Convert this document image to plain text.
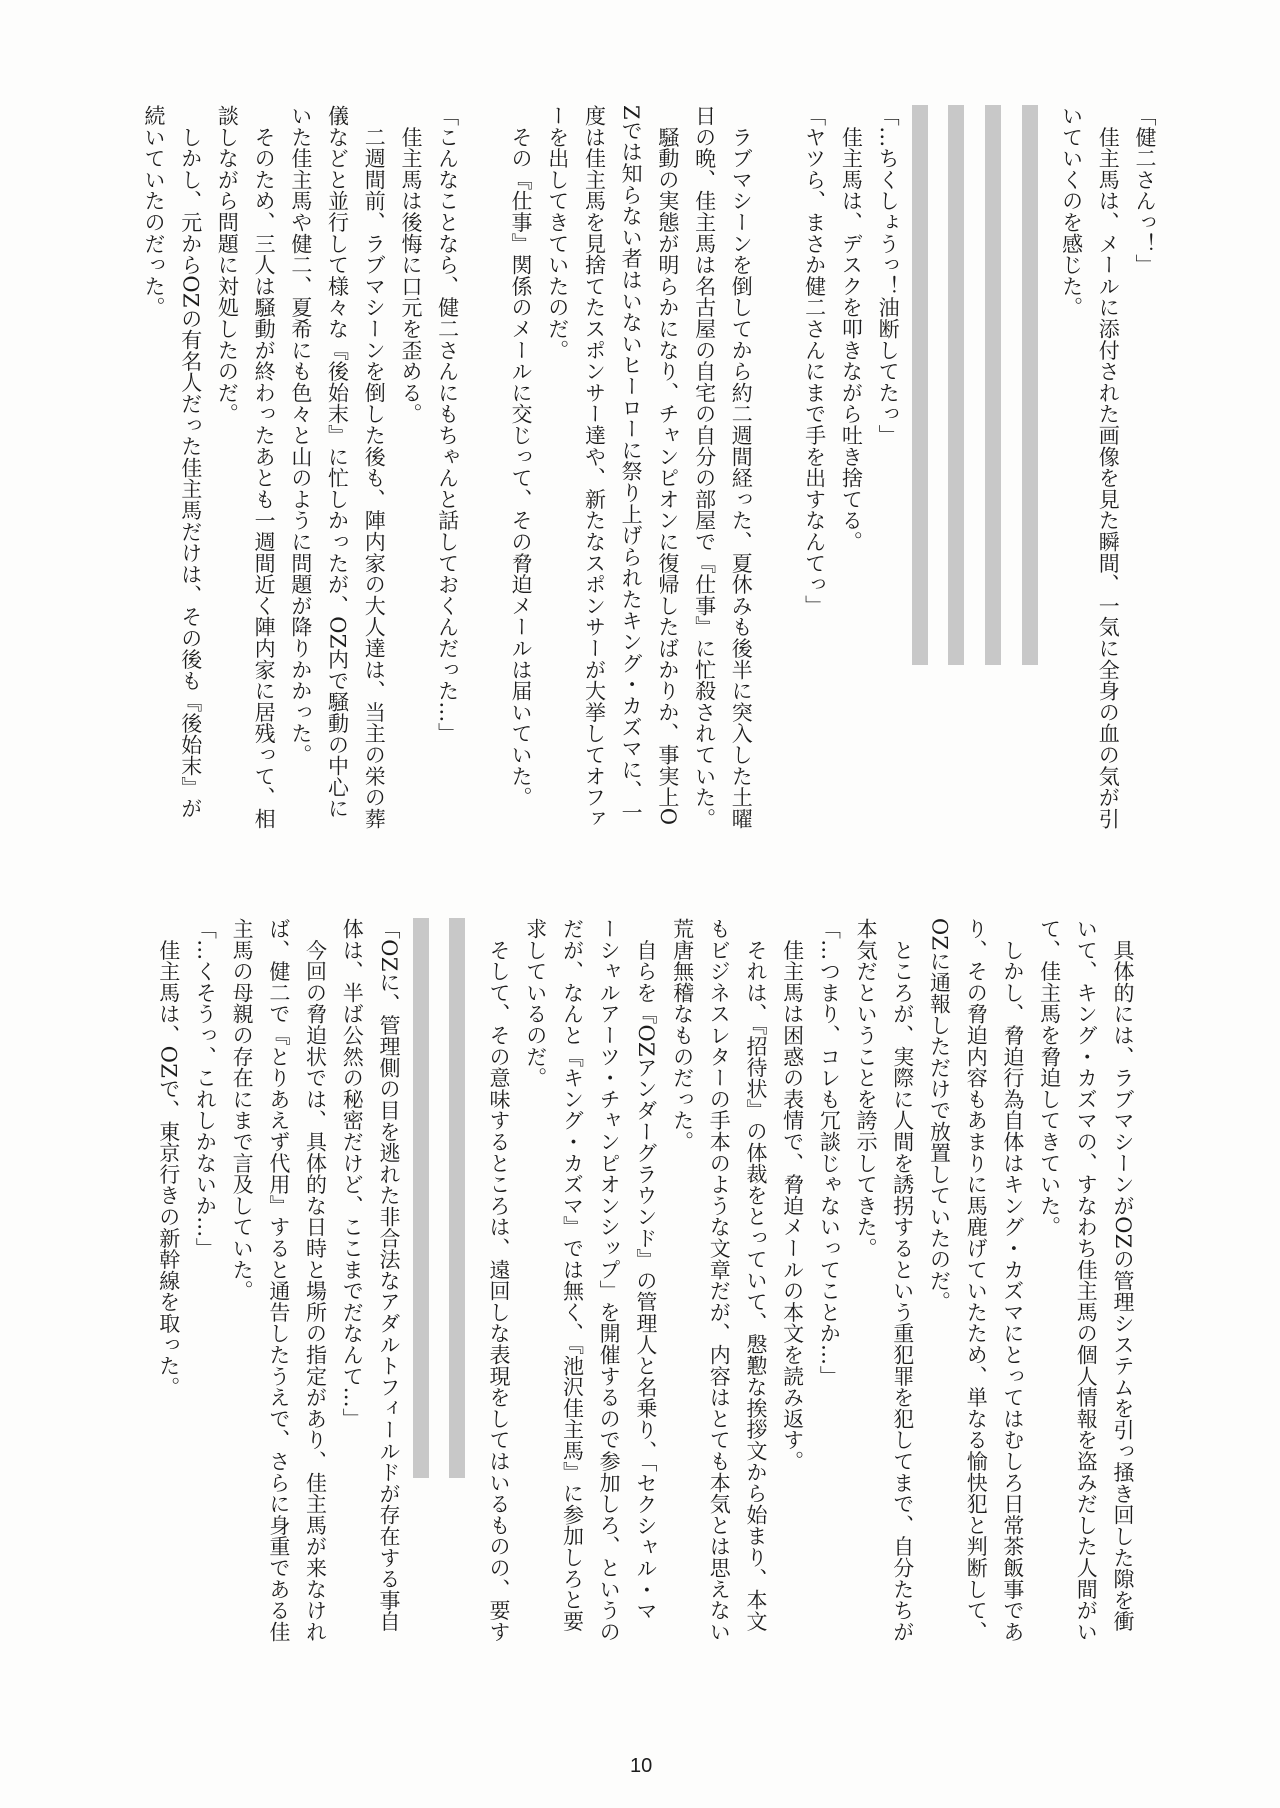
「健二さんっ！」
　佳主馬は、メールに添付された画像を見た瞬間、一気に全身の血の気が引
いていくのを感じた。
「…ちくしょうっ！油断してたっ」
　佳主馬は、デスクを叩きながら吐き捨てる。
「ヤツら、まさか健二さんにまで手を出すなんてっ」

　ラブマシーンを倒してから約二週間経った、夏休みも後半に突入した土曜
日の晩、佳主馬は名古屋の自宅の自分の部屋で『仕事』に忙殺されていた。
　騒動の実態が明らかになり、チャンピオンに復帰したばかりか、事実上O
Zでは知らない者はいないヒーローに祭り上げられたキング・カズマに、一
度は佳主馬を見捨てたスポンサー達や、新たなスポンサーが大挙してオファ
ーを出してきていたのだ。
　その『仕事』関係のメールに交じって、その脅迫メールは届いていた。

「こんなことなら、健二さんにもちゃんと話しておくんだった…」
　佳主馬は後悔に口元を歪める。
　二週間前、ラブマシーンを倒した後も、陣内家の大人達は、当主の栄の葬
儀などと並行して様々な『後始末』に忙しかったが、OZ内で騒動の中心に
いた佳主馬や健二、夏希にも色々と山のように問題が降りかかった。
　そのため、三人は騒動が終わったあとも一週間近く陣内家に居残って、相
談しながら問題に対処したのだ。
　しかし、元からOZの有名人だった佳主馬だけは、その後も『後始末』が
続いていたのだった。
　具体的には、ラブマシーンがOZの管理システムを引っ掻き回した隙を衝
いて、キング・カズマの、すなわち佳主馬の個人情報を盗みだした人間がい
て、佳主馬を脅迫してきていた。
　しかし、脅迫行為自体はキング・カズマにとってはむしろ日常茶飯事であ
り、その脅迫内容もあまりに馬鹿げていたため、単なる愉快犯と判断して、
OZに通報しただけで放置していたのだ。
　ところが、実際に人間を誘拐するという重犯罪を犯してまで、自分たちが
本気だということを誇示してきた。
「…つまり、コレも冗談じゃないってことか…」
　佳主馬は困惑の表情で、脅迫メールの本文を読み返す。
　それは、『招待状』の体裁をとっていて、慇懃な挨拶文から始まり、本文
もビジネスレターの手本のような文章だが、内容はとても本気とは思えない
荒唐無稽なものだった。
　自らを『OZアンダーグラウンド』の管理人と名乗り、「セクシャル・マ
ーシャルアーツ・チャンピオンシップ」を開催するので参加しろ、というの
だが、なんと『キング・カズマ』では無く、『池沢佳主馬』に参加しろと要
求しているのだ。
　そして、その意味するところは、遠回しな表現をしてはいるものの、要す
「OZに、管理側の目を逃れた非合法なアダルトフィールドが存在する事自
体は、半ば公然の秘密だけど、ここまでだなんて…」
　今回の脅迫状では、具体的な日時と場所の指定があり、佳主馬が来なけれ
ば、健二で『とりあえず代用』すると通告したうえで、さらに身重である佳
主馬の母親の存在にまで言及していた。
「…くそうっ、これしかないか…」
　佳主馬は、OZで、東京行きの新幹線を取った。
10
